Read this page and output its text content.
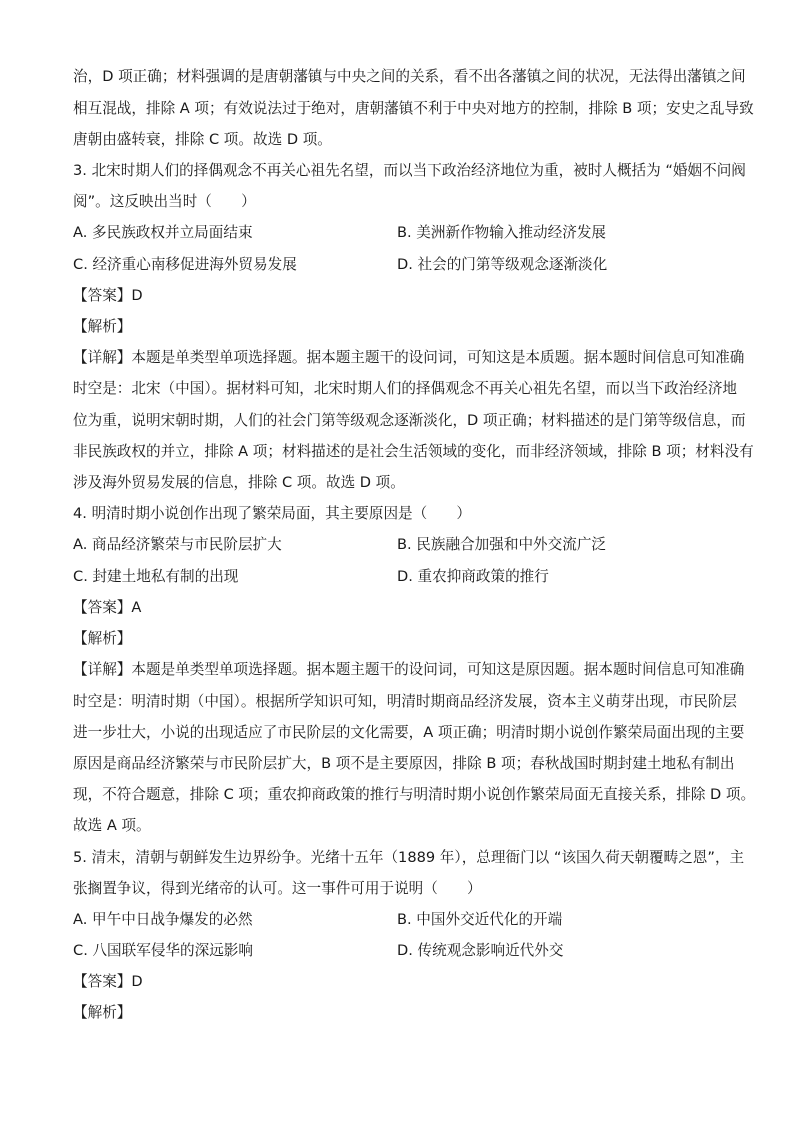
治，D 项正确；材料强调的是唐朝藩镇与中央之间的关系，看不出各藩镇之间的状况，无法得出藩镇之间
相互混战，排除 A 项；有效说法过于绝对，唐朝藩镇不利于中央对地方的控制，排除 B 项；安史之乱导致
唐朝由盛转衰，排除 C 项。故选 D 项。
3. 北宋时期人们的择偶观念不再关心祖先名望，而以当下政治经济地位为重，被时人概括为 “婚姻不问阀
阅”。这反映出当时（　　）
A. 多民族政权并立局面结束	B. 美洲新作物输入推动经济发展
C. 经济重心南移促进海外贸易发展	D. 社会的门第等级观念逐渐淡化
【答案】D
【解析】
【详解】本题是单类型单项选择题。据本题主题干的设问词，可知这是本质题。据本题时间信息可知准确
时空是：北宋（中国）。据材料可知，北宋时期人们的择偶观念不再关心祖先名望，而以当下政治经济地
位为重，说明宋朝时期，人们的社会门第等级观念逐渐淡化，D 项正确；材料描述的是门第等级信息，而
非民族政权的并立，排除 A 项；材料描述的是社会生活领域的变化，而非经济领域，排除 B 项；材料没有
涉及海外贸易发展的信息，排除 C 项。故选 D 项。
4. 明清时期小说创作出现了繁荣局面，其主要原因是（　　）
A. 商品经济繁荣与市民阶层扩大	B. 民族融合加强和中外交流广泛
C. 封建土地私有制的出现	D. 重农抑商政策的推行
【答案】A
【解析】
【详解】本题是单类型单项选择题。据本题主题干的设问词，可知这是原因题。据本题时间信息可知准确
时空是：明清时期（中国）。根据所学知识可知，明清时期商品经济发展，资本主义萌芽出现，市民阶层
进一步壮大，小说的出现适应了市民阶层的文化需要，A 项正确；明清时期小说创作繁荣局面出现的主要
原因是商品经济繁荣与市民阶层扩大，B 项不是主要原因，排除 B 项；春秋战国时期封建土地私有制出
现，不符合题意，排除 C 项；重农抑商政策的推行与明清时期小说创作繁荣局面无直接关系，排除 D 项。
故选 A 项。
5. 清末，清朝与朝鲜发生边界纷争。光绪十五年（1889 年），总理衙门以 “该国久荷天朝覆畴之恩”，主
张搁置争议，得到光绪帝的认可。这一事件可用于说明（　　）
A. 甲午中日战争爆发的必然	B. 中国外交近代化的开端
C. 八国联军侵华的深远影响	D. 传统观念影响近代外交
【答案】D
【解析】
